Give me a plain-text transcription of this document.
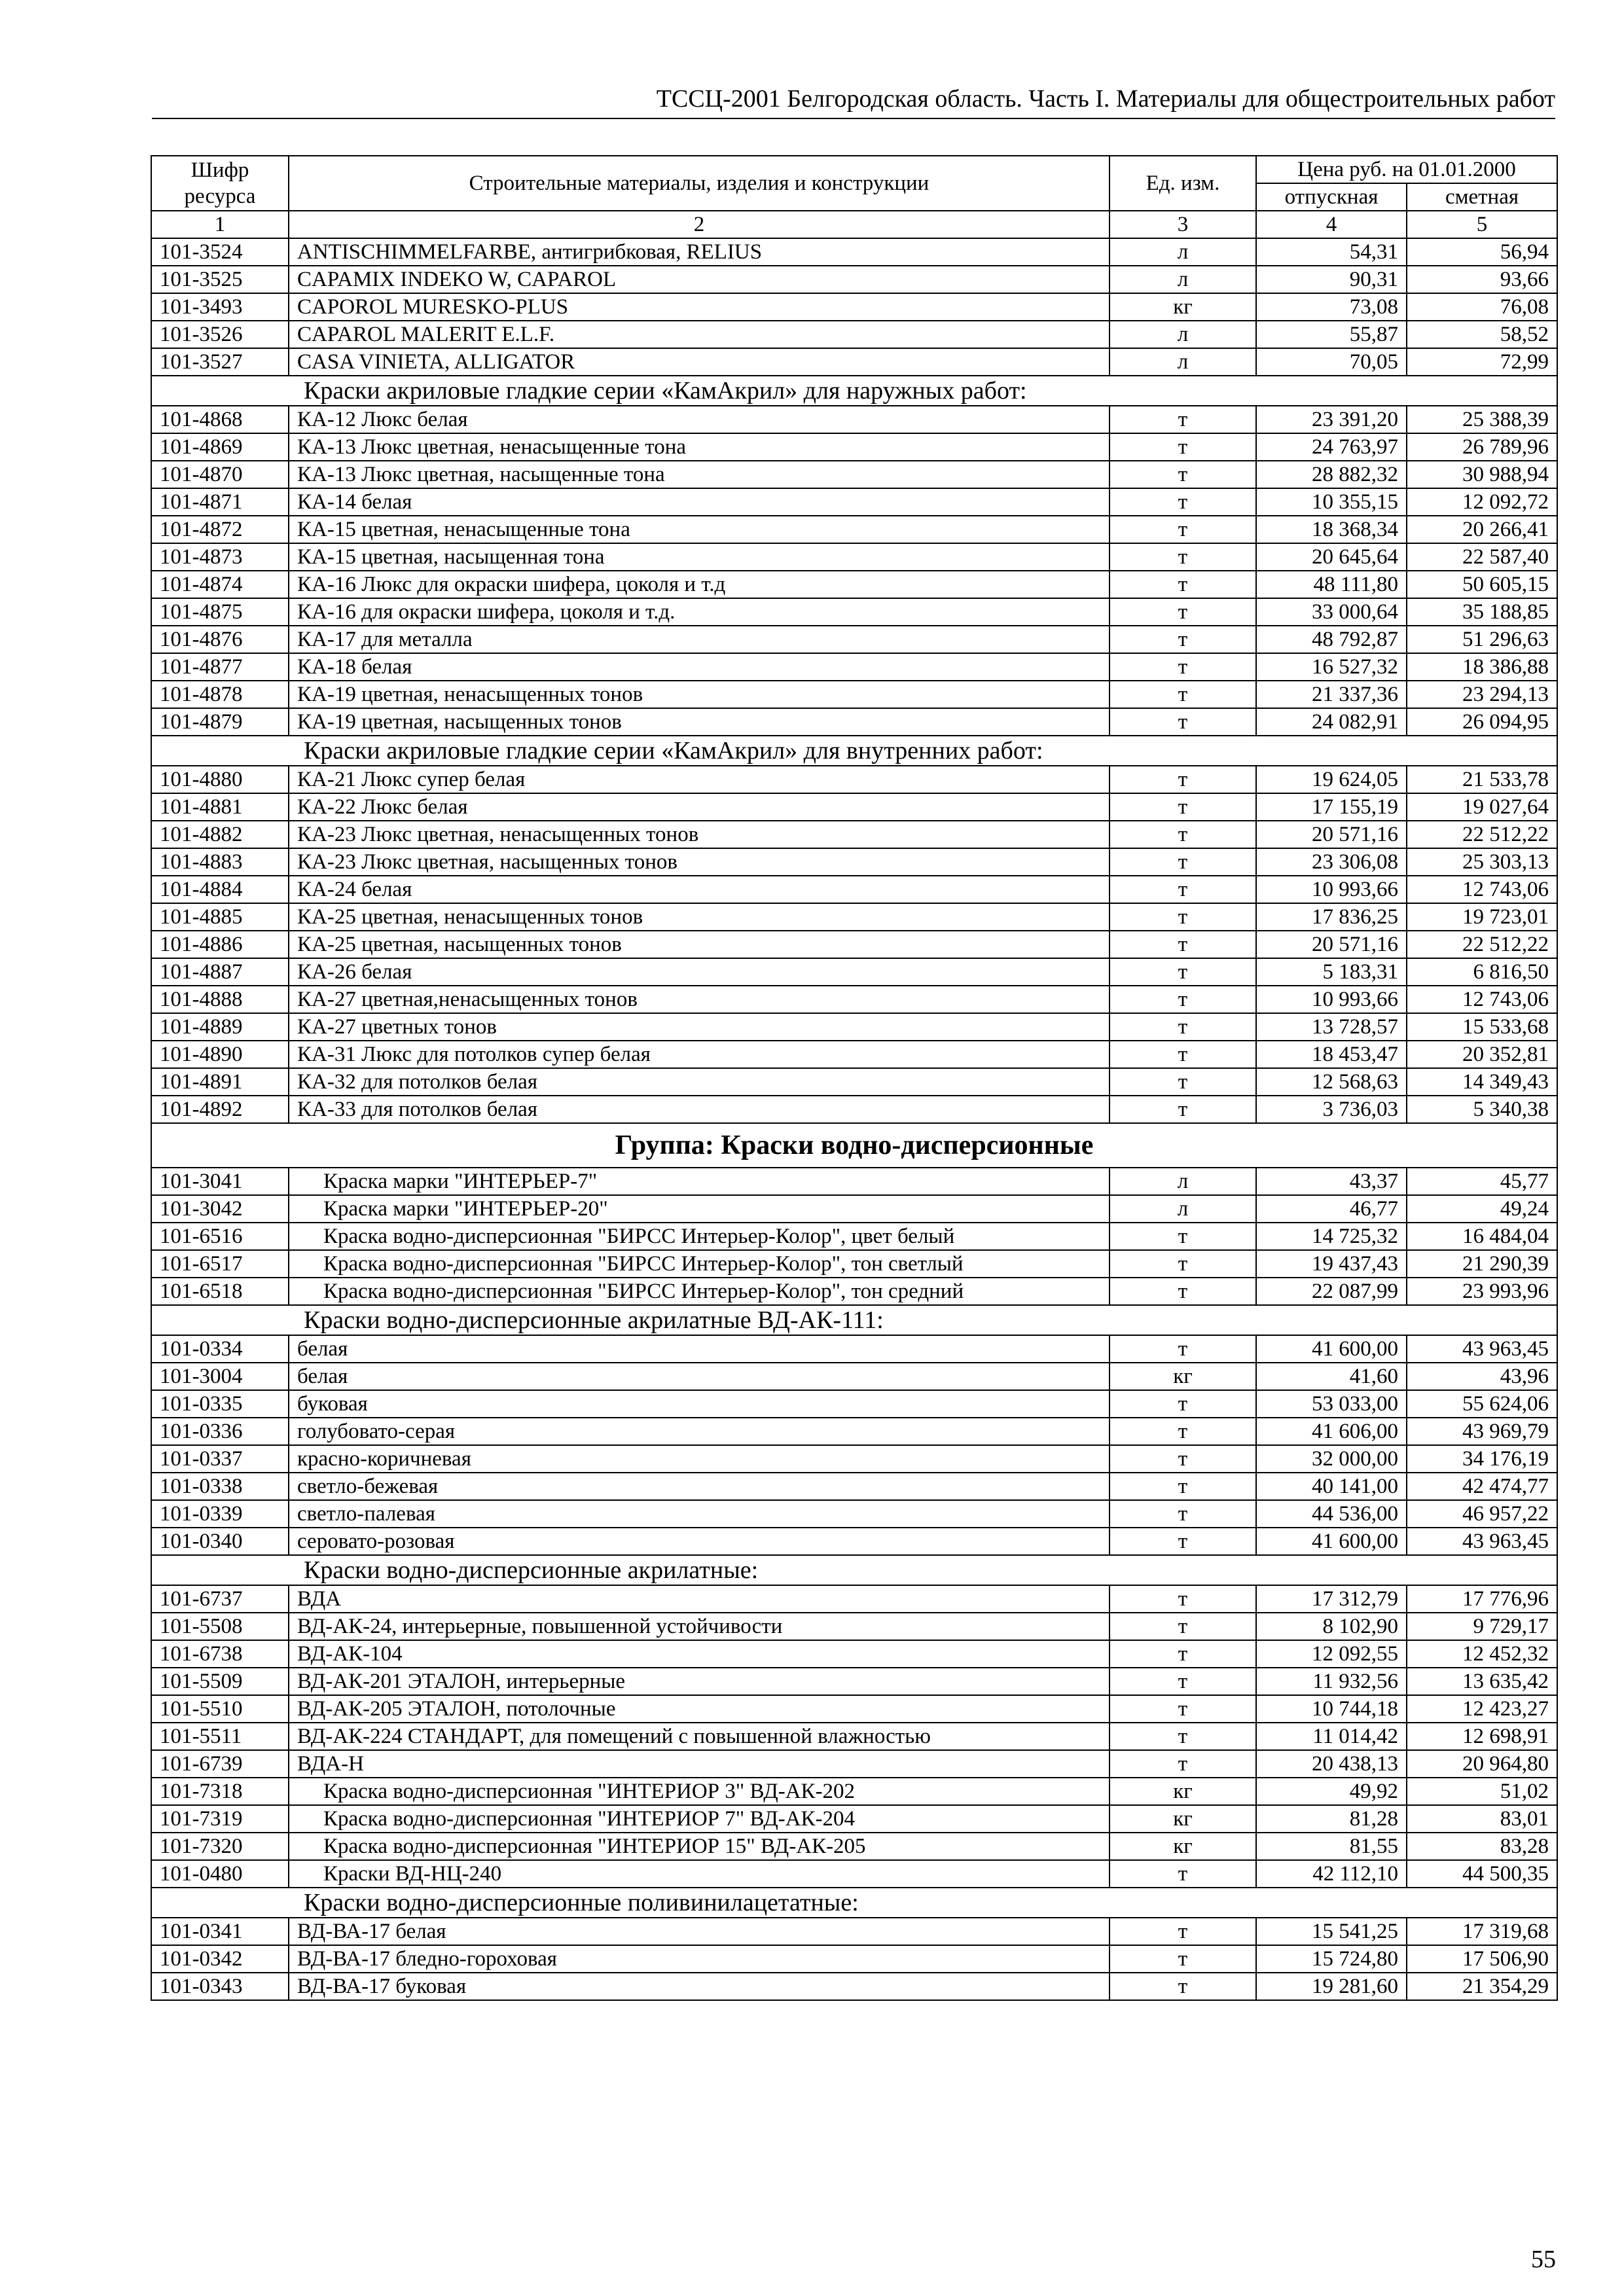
ТССЦ-2001 Белгородская область. Часть I. Материалы для общестроительных работ
Шифр ресурса	Строительные материалы, изделия и конструкции	Ед. изм.	Цена руб. на 01.01.2000	
			отпускная	сметная
1	2	3	4	5
101-3524	ANTISCHIMMELFARBE, антигрибковая, RELIUS	л	54,31	56,94
101-3525	CAPAMIX INDEKO W, CAPAROL	л	90,31	93,66
101-3493	CAPOROL MURESKO-PLUS	кг	73,08	76,08
101-3526	CAPAROL MALERIT E.L.F.	л	55,87	58,52
101-3527	CASA VINIETA, ALLIGATOR	л	70,05	72,99
Краски акриловые гладкие серии «КамАкрил» для наружных работ:				
101-4868	КА-12 Люкс белая	т	23 391,20	25 388,39
101-4869	КА-13 Люкс цветная, ненасыщенные тона	т	24 763,97	26 789,96
101-4870	КА-13 Люкс цветная, насыщенные тона	т	28 882,32	30 988,94
101-4871	КА-14 белая	т	10 355,15	12 092,72
101-4872	КА-15 цветная, ненасыщенные тона	т	18 368,34	20 266,41
101-4873	КА-15 цветная, насыщенная тона	т	20 645,64	22 587,40
101-4874	КА-16 Люкс для окраски шифера, цоколя и т.д	т	48 111,80	50 605,15
101-4875	КА-16 для окраски шифера, цоколя и т.д.	т	33 000,64	35 188,85
101-4876	КА-17 для металла	т	48 792,87	51 296,63
101-4877	КА-18 белая	т	16 527,32	18 386,88
101-4878	КА-19 цветная, ненасыщенных тонов	т	21 337,36	23 294,13
101-4879	КА-19 цветная, насыщенных тонов	т	24 082,91	26 094,95
Краски акриловые гладкие серии «КамАкрил» для внутренних работ:				
101-4880	КА-21 Люкс супер белая	т	19 624,05	21 533,78
101-4881	КА-22 Люкс белая	т	17 155,19	19 027,64
101-4882	КА-23 Люкс цветная, ненасыщенных тонов	т	20 571,16	22 512,22
101-4883	КА-23 Люкс цветная, насыщенных тонов	т	23 306,08	25 303,13
101-4884	КА-24 белая	т	10 993,66	12 743,06
101-4885	КА-25 цветная, ненасыщенных тонов	т	17 836,25	19 723,01
101-4886	КА-25 цветная, насыщенных тонов	т	20 571,16	22 512,22
101-4887	КА-26 белая	т	5 183,31	6 816,50
101-4888	КА-27 цветная,ненасыщенных тонов	т	10 993,66	12 743,06
101-4889	КА-27 цветных тонов	т	13 728,57	15 533,68
101-4890	КА-31 Люкс для потолков супер белая	т	18 453,47	20 352,81
101-4891	КА-32 для потолков белая	т	12 568,63	14 349,43
101-4892	КА-33 для потолков белая	т	3 736,03	5 340,38
Группа: Краски водно-дисперсионные				
101-3041	Краска марки "ИНТЕРЬЕР-7"	л	43,37	45,77
101-3042	Краска марки "ИНТЕРЬЕР-20"	л	46,77	49,24
101-6516	Краска водно-дисперсионная "БИРСС Интерьер-Колор", цвет белый	т	14 725,32	16 484,04
101-6517	Краска водно-дисперсионная "БИРСС Интерьер-Колор", тон светлый	т	19 437,43	21 290,39
101-6518	Краска водно-дисперсионная "БИРСС Интерьер-Колор", тон средний	т	22 087,99	23 993,96
Краски водно-дисперсионные акрилатные ВД-АК-111:				
101-0334	белая	т	41 600,00	43 963,45
101-3004	белая	кг	41,60	43,96
101-0335	буковая	т	53 033,00	55 624,06
101-0336	голубовато-серая	т	41 606,00	43 969,79
101-0337	красно-коричневая	т	32 000,00	34 176,19
101-0338	светло-бежевая	т	40 141,00	42 474,77
101-0339	светло-палевая	т	44 536,00	46 957,22
101-0340	серовато-розовая	т	41 600,00	43 963,45
Краски водно-дисперсионные акрилатные:				
101-6737	ВДА	т	17 312,79	17 776,96
101-5508	ВД-АК-24, интерьерные, повышенной устойчивости	т	8 102,90	9 729,17
101-6738	ВД-АК-104	т	12 092,55	12 452,32
101-5509	ВД-АК-201 ЭТАЛОН, интерьерные	т	11 932,56	13 635,42
101-5510	ВД-АК-205 ЭТАЛОН, потолочные	т	10 744,18	12 423,27
101-5511	ВД-АК-224 СТАНДАРТ, для помещений с повышенной влажностью	т	11 014,42	12 698,91
101-6739	ВДА-Н	т	20 438,13	20 964,80
101-7318	Краска водно-дисперсионная "ИНТЕРИОР 3" ВД-АК-202	кг	49,92	51,02
101-7319	Краска водно-дисперсионная "ИНТЕРИОР 7" ВД-АК-204	кг	81,28	83,01
101-7320	Краска водно-дисперсионная "ИНТЕРИОР 15" ВД-АК-205	кг	81,55	83,28
101-0480	Краски ВД-НЦ-240	т	42 112,10	44 500,35
Краски водно-дисперсионные поливинилацетатные:				
101-0341	ВД-ВА-17 белая	т	15 541,25	17 319,68
101-0342	ВД-ВА-17 бледно-гороховая	т	15 724,80	17 506,90
101-0343	ВД-ВА-17 буковая	т	19 281,60	21 354,29
55
